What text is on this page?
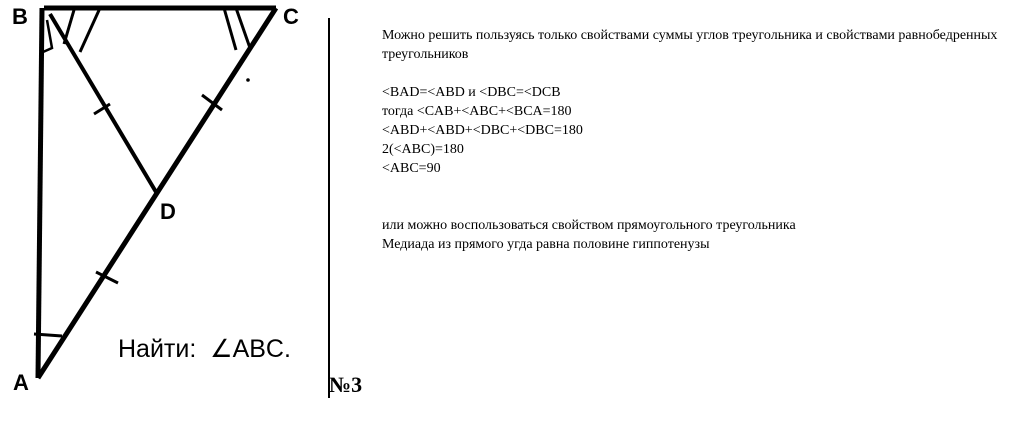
B	C
D
A
Найти:  ∠ABC.
№3

Можно решить пользуясь только свойствами суммы углов треугольника и свойствами равнобедренных треугольников

<BAD=<ABD и <DBC=<DCB

тогда <CAB+<ABC+<BCA=180

<ABD+<ABD+<DBC+<DBC=180

2(<ABC)=180

<ABC=90

или можно воспользоваться свойством прямоугольного треугольника

Медиада из прямого угда равна половине гиппотенузы
